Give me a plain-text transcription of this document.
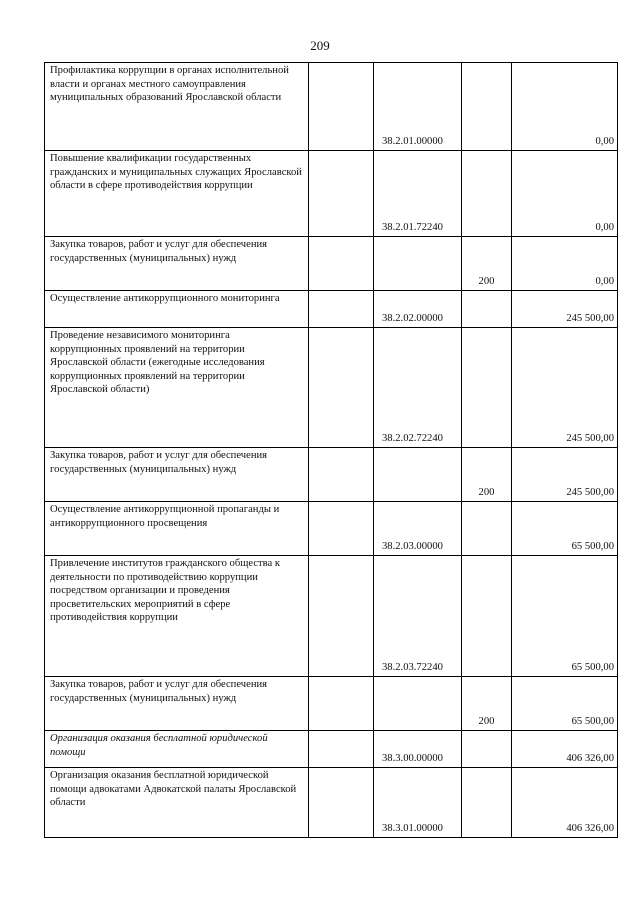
209
Профилактика коррупции в органах исполнительной власти и органах местного самоуправления муниципальных образований Ярославской области		38.2.01.00000		0,00
Повышение квалификации государственных гражданских и муниципальных служащих Ярославской области в сфере противодействия коррупции		38.2.01.72240		0,00
Закупка товаров, работ и услуг для обеспечения государственных (муниципальных) нужд			200	0,00
Осуществление антикоррупционного мониторинга		38.2.02.00000		245 500,00
Проведение независимого мониторинга коррупционных проявлений на территории Ярославской области (ежегодные исследования коррупционных проявлений на территории Ярославской области)		38.2.02.72240		245 500,00
Закупка товаров, работ и услуг для обеспечения государственных (муниципальных) нужд			200	245 500,00
Осуществление антикоррупционной пропаганды и антикоррупционного просвещения		38.2.03.00000		65 500,00
Привлечение институтов гражданского общества к деятельности по противодействию коррупции посредством организации и проведения просветительских мероприятий в сфере противодействия коррупции		38.2.03.72240		65 500,00
Закупка товаров, работ и услуг для обеспечения государственных (муниципальных) нужд			200	65 500,00
Организация оказания бесплатной юридической помощи		38.3.00.00000		406 326,00
Организация оказания бесплатной юридической помощи адвокатами Адвокатской палаты Ярославской области		38.3.01.00000		406 326,00
